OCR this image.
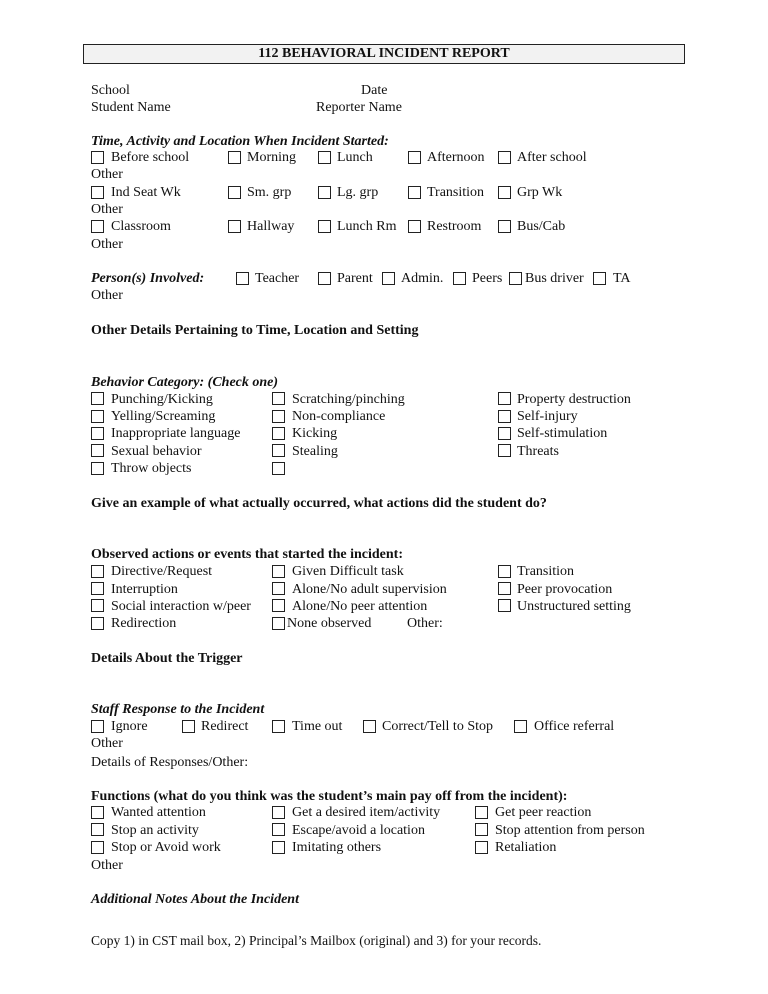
112 BEHAVIORAL INCIDENT REPORT
School	Date
Student Name	Reporter Name
Time, Activity and Location When Incident Started:
Before school	Morning	Lunch	Afternoon After school
Other
Ind Seat Wk	Sm. grp	Lg. grp	Transition Grp Wk
Other
Classroom	Hallway	Lunch Rm Restroom	Bus/Cab
Other
Person(s) Involved:	Teacher	Parent Admin. Peers Bus driver TA
Other
Other Details Pertaining to Time, Location and Setting
Behavior Category: (Check one)
Punching/Kicking
Yelling/Screaming
Inappropriate language
Sexual behavior
Throw objects
Scratching/pinching
Non-compliance
Kicking
Stealing
Property destruction
Self-injury
Self-stimulation
Threats
Give an example of what actually occurred, what actions did the student do?
Observed actions or events that started the incident:
Directive/Request
Interruption
Social interaction w/peer
Redirection
Given Difficult task
Alone/No adult supervision
Alone/No peer attention
None observed	Other:
Transition
Peer provocation
Unstructured setting
Details About the Trigger
Staff Response to the Incident
Ignore	Redirect	Time out	Correct/Tell to Stop	Office referral
Other
Details of Responses/Other:
Functions (what do you think was the student’s main pay off from the incident):
Wanted attention
Stop an activity
Stop or Avoid work
Get a desired item/activity
Escape/avoid a location
Imitating others
Get peer reaction
Stop attention from person
Retaliation
Other
Additional Notes About the Incident
Copy 1) in CST mail box, 2) Principal’s Mailbox (original) and 3) for your records.
